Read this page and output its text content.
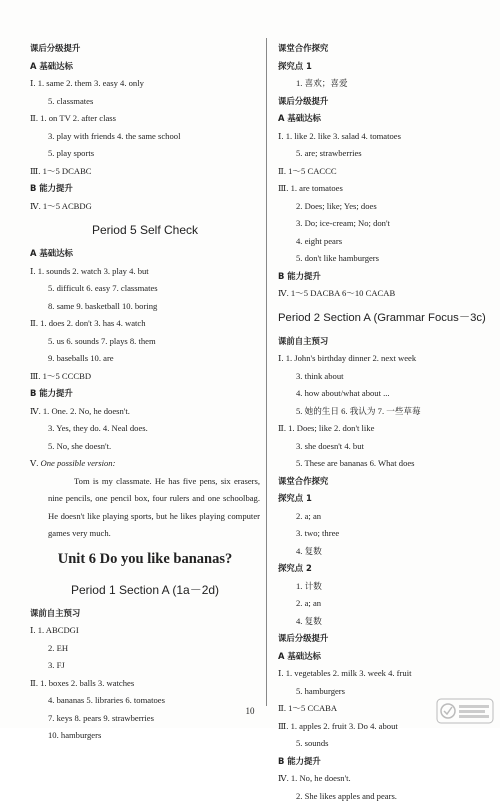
课后分级提升
A 基础达标
Ⅰ. 1. same 2. them 3. easy 4. only
5. classmates
Ⅱ. 1. on TV 2. after class
3. play with friends 4. the same school
5. play sports
Ⅲ. 1～5 DCABC
B 能力提升
Ⅳ. 1～5 ACBDG
Period 5 Self Check
A 基础达标
Ⅰ. 1. sounds 2. watch 3. play 4. but
5. difficult 6. easy 7. classmates
8. same 9. basketball 10. boring
Ⅱ. 1. does 2. don't 3. has 4. watch
5. us 6. sounds 7. plays 8. them
9. baseballs 10. are
Ⅲ. 1～5 CCCBD
B 能力提升
Ⅳ. 1. One. 2. No, he doesn't.
3. Yes, they do. 4. Neal does.
5. No, she doesn't.
Ⅴ. One possible version:
Tom is my classmate. He has five pens, six erasers, nine pencils, one pencil box, four rulers and one schoolbag. He doesn't like playing sports, but he likes playing computer games very much.
Unit 6 Do you like bananas?
Period 1 Section A (1a－2d)
课前自主预习
Ⅰ. 1. ABCDGI
2. EH
3. FJ
Ⅱ. 1. boxes 2. balls 3. watches
4. bananas 5. libraries 6. tomatoes
7. keys 8. pears 9. strawberries
10. hamburgers
课堂合作探究
探究点 1
1. 喜欢；喜爱
课后分级提升
A 基础达标
Ⅰ. 1. like 2. like 3. salad 4. tomatoes
5. are; strawberries
Ⅱ. 1～5 CACCC
Ⅲ. 1. are tomatoes
2. Does; like; Yes; does
3. Do; ice-cream; No; don't
4. eight pears
5. don't like hamburgers
B 能力提升
Ⅳ. 1～5 DACBA 6～10 CACAB
Period 2 Section A (Grammar Focus－3c)
课前自主预习
Ⅰ. 1. John's birthday dinner 2. next week
3. think about
4. how about/what about ...
5. 她的生日 6. 我认为 7. 一些草莓
Ⅱ. 1. Does; like 2. don't like
3. she doesn't 4. but
5. These are bananas 6. What does
课堂合作探究
探究点 1
2. a; an
3. two; three
4. 复数
探究点 2
1. 计数
2. a; an
4. 复数
课后分级提升
A 基础达标
Ⅰ. 1. vegetables 2. milk 3. week 4. fruit
5. hamburgers
Ⅱ. 1～5 CCABA
Ⅲ. 1. apples 2. fruit 3. Do 4. about
5. sounds
B 能力提升
Ⅳ. 1. No, he doesn't.
2. She likes apples and pears.
10
